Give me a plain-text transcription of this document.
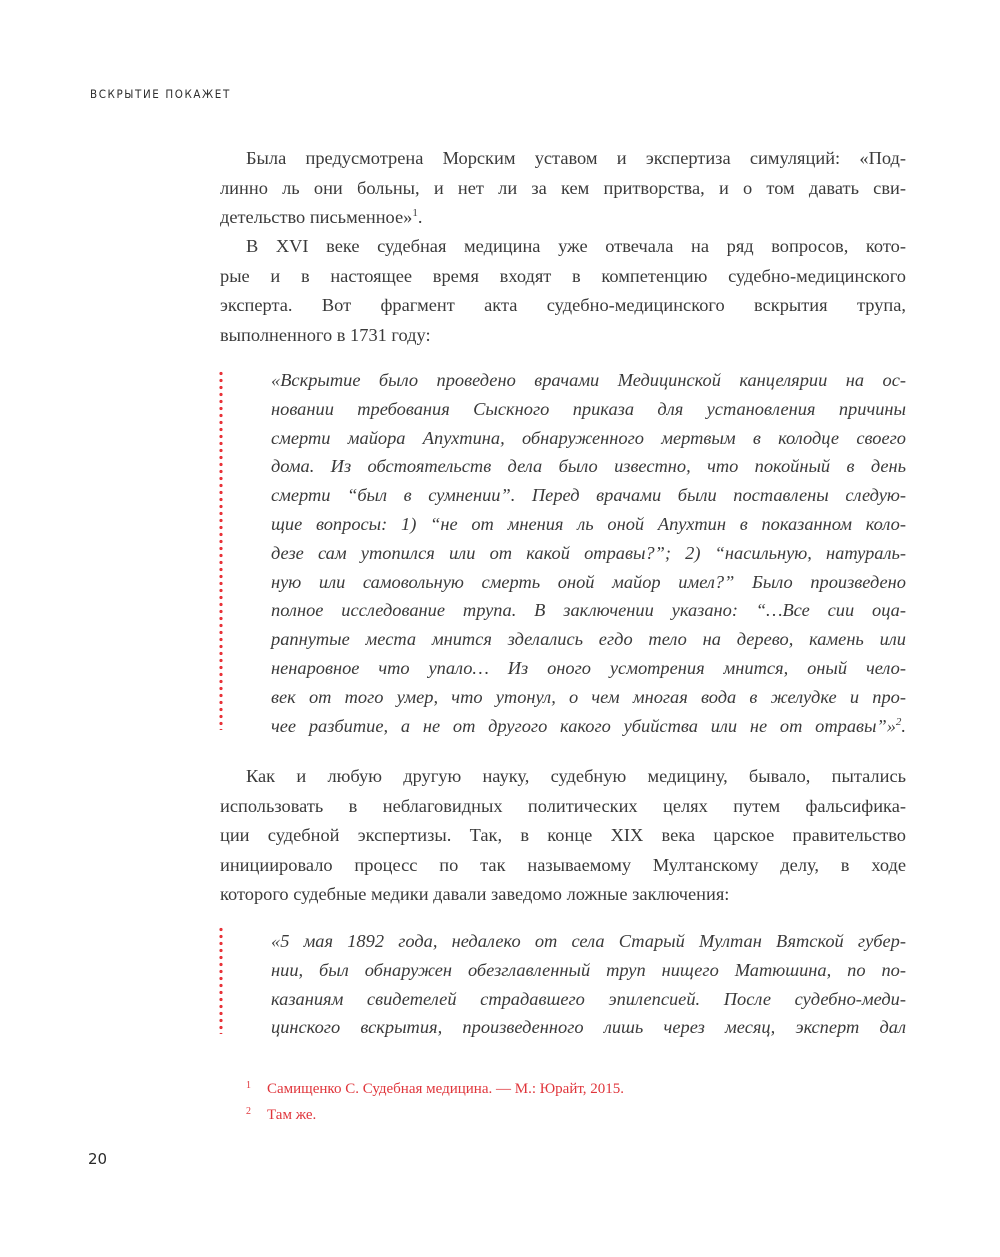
ВСКРЫТИЕ ПОКАЖЕТ
Была предусмотрена Морским уставом и экспертиза симуляций: «Под-
линно ль они больны, и нет ли за кем притворства, и о том давать сви-
детельство письменное»$^1$.
В XVI веке судебная медицина уже отвечала на ряд вопросов, кото-
рые и в настоящее время входят в компетенцию судебно-медицинского
эксперта. Вот фрагмент акта судебно-медицинского вскрытия трупа,
выполненного в 1731 году:
«Вскрытие было проведено врачами Медицинской канцелярии на ос-
новании требования Сыскного приказа для установления причины
смерти майора Апухтина, обнаруженного мертвым в колодце своего
дома. Из обстоятельств дела было известно, что покойный в день
смерти “был в сумнении”. Перед врачами были поставлены следую-
щие вопросы: 1) “не от мнения ль оной Апухтин в показанном коло-
дезе сам утопился или от какой отравы?”; 2) “насильную, натураль-
ную или самовольную смерть оной майор имел?” Было произведено
полное исследование трупа. В заключении указано: “…Все сии оца-
рапнутые места мнится зделались егдо тело на дерево, камень или
ненаровное что упало… Из оного усмотрения мнится, оный чело-
век от того умер, что утонул, о чем многая вода в желудке и про-
чее разбитие, а не от другого какого убийства или не от отравы”»$^2$.
Как и любую другую науку, судебную медицину, бывало, пытались
использовать в неблаговидных политических целях путем фальсифика-
ции судебной экспертизы. Так, в конце XIX века царское правительство
инициировало процесс по так называемому Мултанскому делу, в ходе
которого судебные медики давали заведомо ложные заключения:
«5 мая 1892 года, недалеко от села Старый Мултан Вятской губер-
нии, был обнаружен обезглавленный труп нищего Матюшина, по по-
казаниям свидетелей страдавшего эпилепсией. После судебно-меди-
цинского вскрытия, произведенного лишь через месяц, эксперт дал
1	Самищенко С. Судебная медицина. — М.: Юрайт, 2015.
2	Там же.
20
